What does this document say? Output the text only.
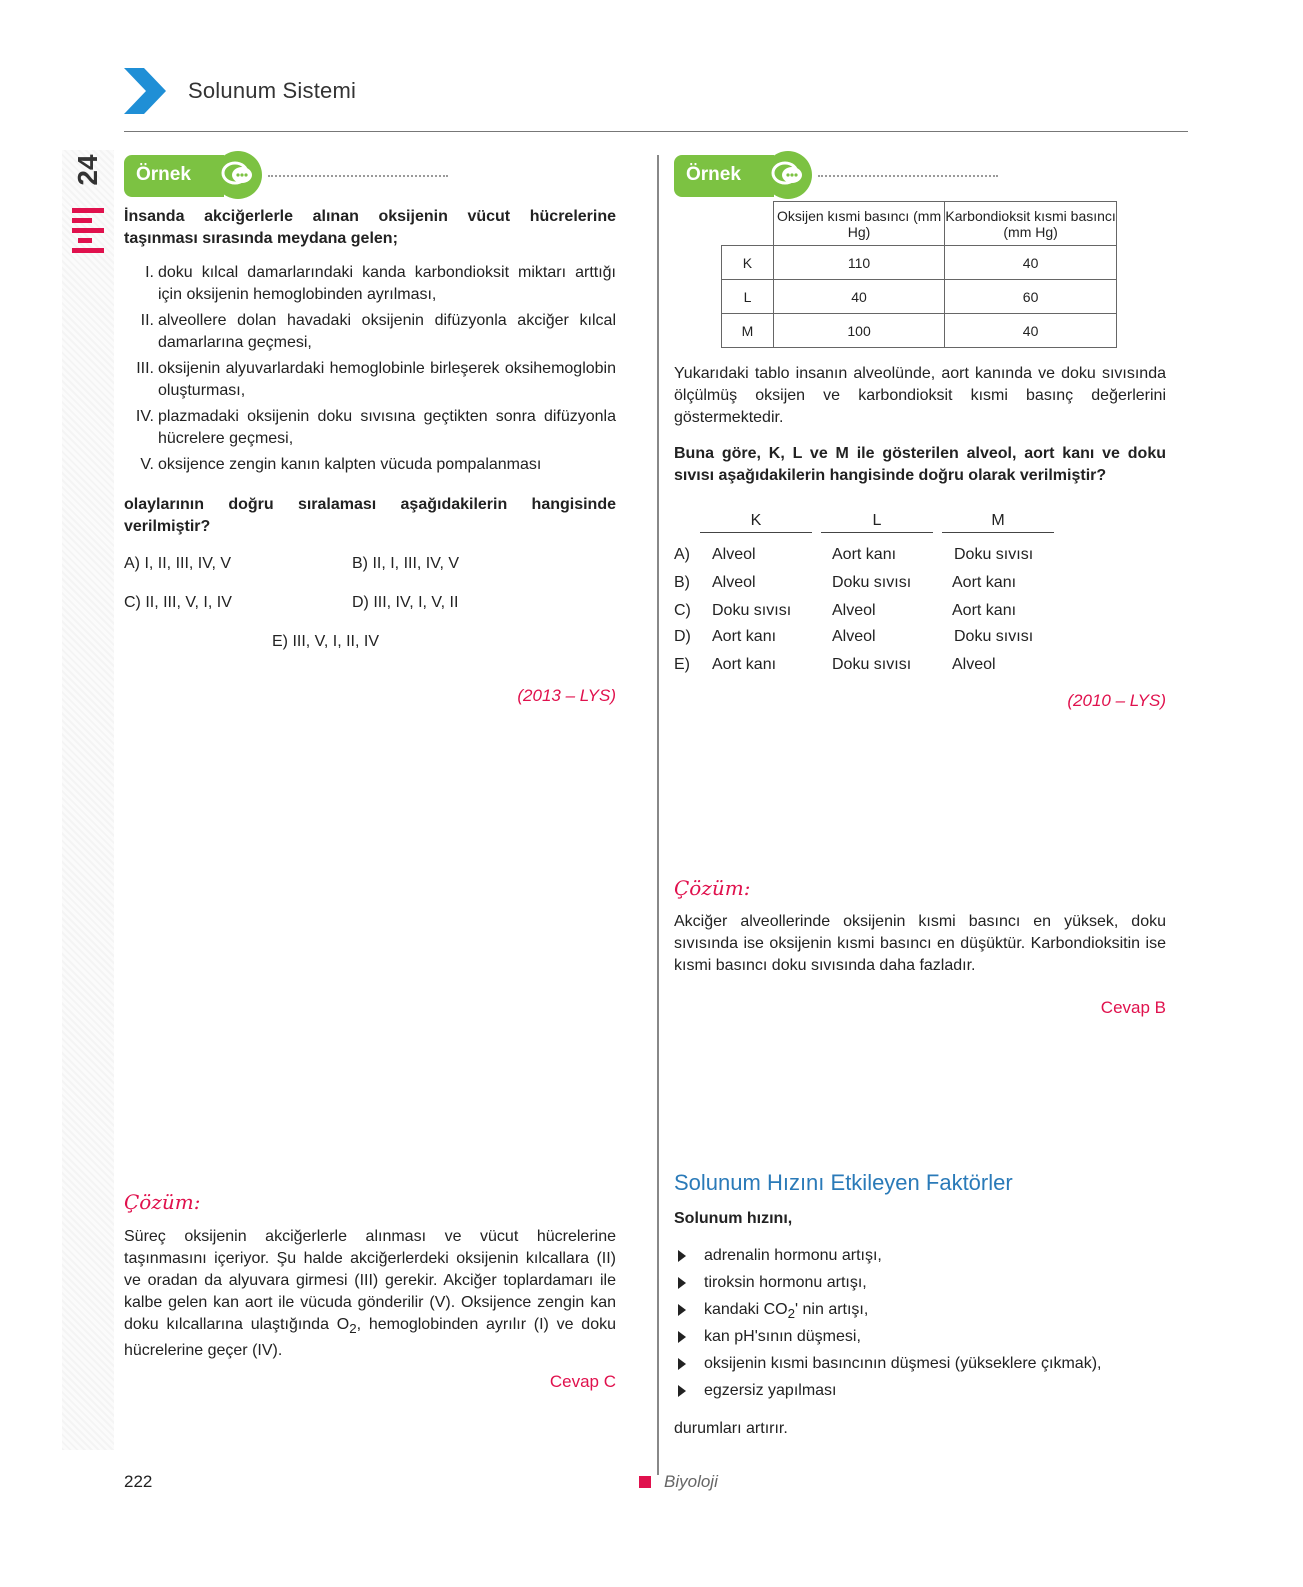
Solunum Sistemi
24 Örnek
İnsanda akciğerlerle alınan oksijenin vücut hücrelerine taşınması sırasında meydana gelen;
I. doku kılcal damarlarındaki kanda karbondioksit miktarı arttığı için oksijenin hemoglobinden ayrılması,
II. alveollere dolan havadaki oksijenin difüzyonla akciğer kılcal damarlarına geçmesi,
III. oksijenin alyuvarlardaki hemoglobinle birleşerek oksihemoglobin oluşturması,
IV. plazmadaki oksijenin doku sıvısına geçtikten sonra difüzyonla hücrelere geçmesi,
V. oksijence zengin kanın kalpten vücuda pompalanması
olaylarının doğru sıralaması aşağıdakilerin hangisinde verilmiştir?
A) I, II, III, IV, V	B) II, I, III, IV, V
C) II, III, V, I, IV	D) III, IV, I, V, II
E) III, V, I, II, IV
(2013 – LYS)
Çözüm:
Süreç oksijenin akciğerlerle alınması ve vücut hücrelerine taşınmasını içeriyor. Şu halde akciğerlerdeki oksijenin kılcallara (II) ve oradan da alyuvara girmesi (III) gerekir. Akciğer toplardamarı ile kalbe gelen kan aort ile vücuda gönderilir (V). Oksijence zengin kan doku kılcallarına ulaştığında $O_2$, hemoglobinden ayrılır (I) ve doku hücrelerine geçer (IV).
Cevap C
Örnek
	Oksijen kısmi basıncı (mm Hg)	Karbondioksit kısmi basıncı (mm Hg)
K	110	40
L	40	60
M	100	40
Yukarıdaki tablo insanın alveolünde, aort kanında ve doku sıvısında ölçülmüş oksijen ve karbondioksit kısmi basınç değerlerini göstermektedir.
Buna göre, K, L ve M ile gösterilen alveol, aort kanı ve doku sıvısı aşağıdakilerin hangisinde doğru olarak verilmiştir?
K	L	M
A) Alveol	Aort kanı	Doku sıvısı
B) Alveol	Doku sıvısı	Aort kanı
C) Doku sıvısı	Alveol	Aort kanı
D) Aort kanı	Alveol	Doku sıvısı
E) Aort kanı	Doku sıvısı	Alveol
(2010 – LYS)
Çözüm:
Akciğer alveollerinde oksijenin kısmi basıncı en yüksek, doku sıvısında ise oksijenin kısmi basıncı en düşüktür. Karbondioksitin ise kısmi basıncı doku sıvısında daha fazladır.
Cevap B
Solunum Hızını Etkileyen Faktörler
Solunum hızını,
adrenalin hormonu artışı,
tiroksin hormonu artışı,
kandaki $CO_2'$ nin artışı,
kan pH'sının düşmesi,
oksijenin kısmi basıncının düşmesi (yükseklere çıkmak),
egzersiz yapılması
durumları artırır.
222	Biyoloji
